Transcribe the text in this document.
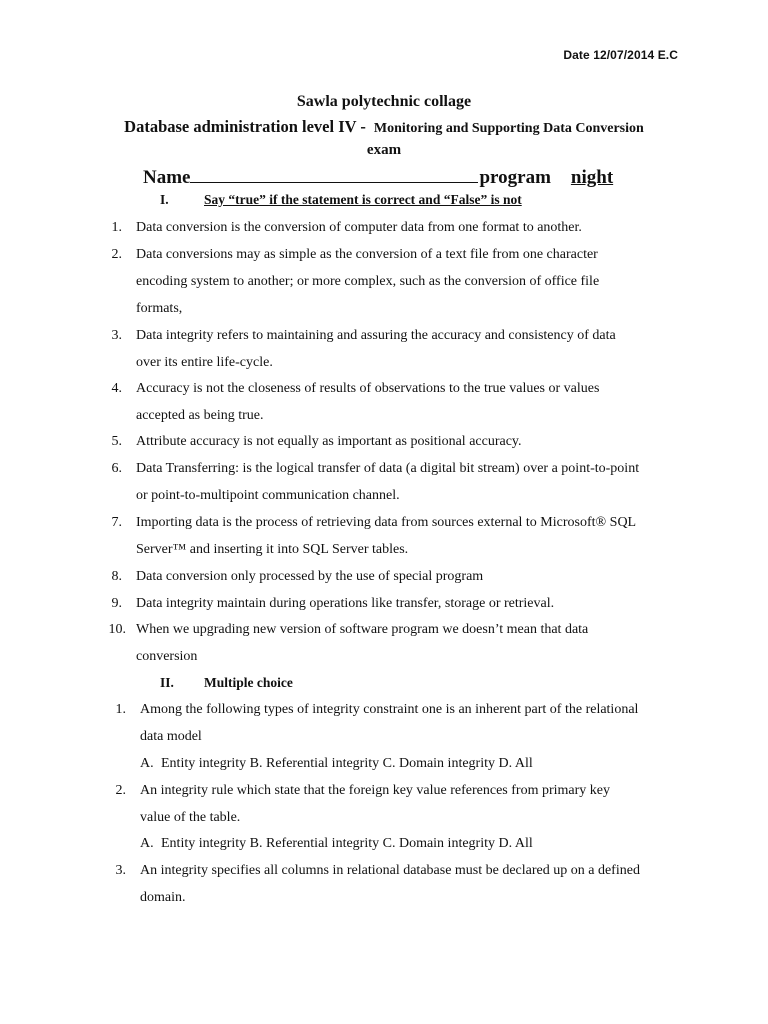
Date 12/07/2014 E.C
Sawla polytechnic collage
Database administration level IV - Monitoring and Supporting Data Conversion
exam
Name	program night
I.	Say “true” if the statement is correct and “False” is not
1. Data conversion is the conversion of computer data from one format to another.
2. Data conversions may as simple as the conversion of a text file from one character
encoding system to another; or more complex, such as the conversion of office file
formats,
3. Data integrity refers to maintaining and assuring the accuracy and consistency of data
over its entire life-cycle.
4. Accuracy is not the closeness of results of observations to the true values or values
accepted as being true.
5. Attribute accuracy is not equally as important as positional accuracy.
6. Data Transferring: is the logical transfer of data (a digital bit stream) over a point-to-point
or point-to-multipoint communication channel.
7. Importing data is the process of retrieving data from sources external to Microsoft® SQL
Server™ and inserting it into SQL Server tables.
8. Data conversion only processed by the use of special program
9. Data integrity maintain during operations like transfer, storage or retrieval.
10. When we upgrading new version of software program we doesn’t mean that data
conversion
II. Multiple choice
1. Among the following types of integrity constraint one is an inherent part of the relational
data model
A. Entity integrity B. Referential integrity C. Domain integrity D. All
2. An integrity rule which state that the foreign key value references from primary key
value of the table.
A. Entity integrity B. Referential integrity C. Domain integrity D. All
3. An integrity specifies all columns in relational database must be declared up on a defined
domain.
